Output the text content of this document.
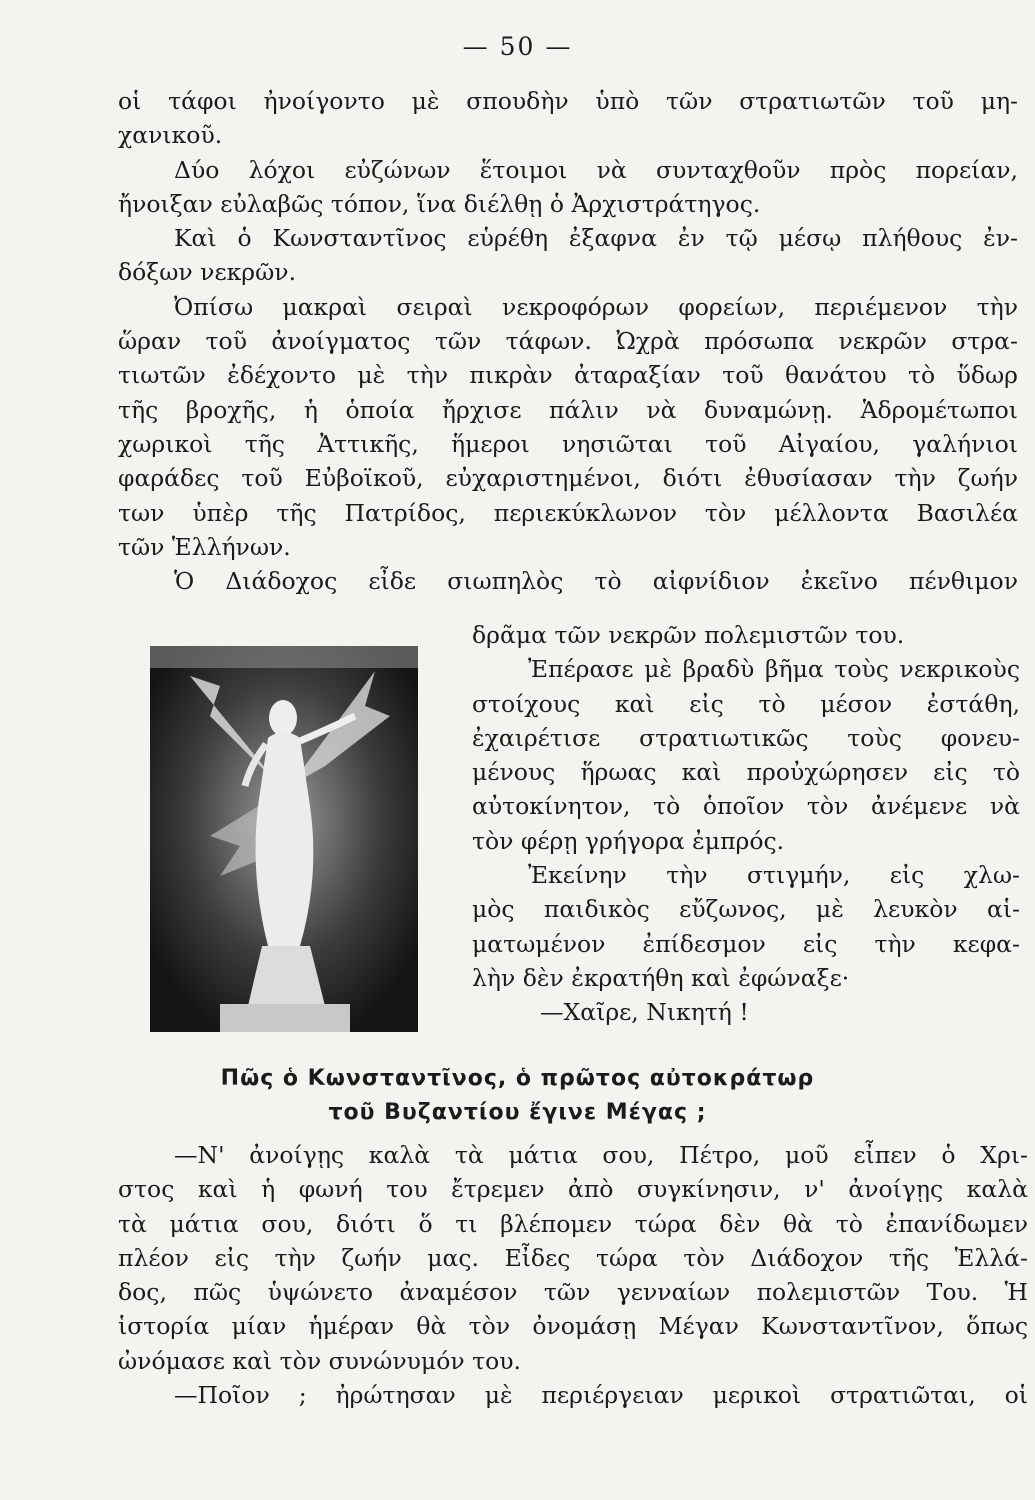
— 50 —
οἱ τάφοι ἠνοίγοντο μὲ σπουδὴν ὑπὸ τῶν στρατιωτῶν τοῦ μη-
χανικοῦ.
Δύο λόχοι εὐζώνων ἕτοιμοι νὰ συνταχθοῦν πρὸς πορείαν,
ἤνοιξαν εὐλαβῶς τόπον, ἵνα διέλθῃ ὁ Ἀρχιστράτηγος.
Καὶ ὁ Κωνσταντῖνος εὑρέθη ἐξαφνα ἐν τῷ μέσῳ πλήθους ἐν-
δόξων νεκρῶν.
Ὀπίσω μακραὶ σειραὶ νεκροφόρων φορείων, περιέμενον τὴν
ὥραν τοῦ ἀνοίγματος τῶν τάφων. Ὠχρὰ πρόσωπα νεκρῶν στρα-
τιωτῶν ἐδέχοντο μὲ τὴν πικρὰν ἀταραξίαν τοῦ θανάτου τὸ ὕδωρ
τῆς βροχῆς, ἡ ὁποία ἤρχισε πάλιν νὰ δυναμώνῃ. Ἁδρομέτωποι
χωρικοὶ τῆς Ἀττικῆς, ἥμεροι νησιῶται τοῦ Αἰγαίου, γαλήνιοι
φαράδες τοῦ Εὐβοϊκοῦ, εὐχαριστημένοι, διότι ἐθυσίασαν τὴν ζωήν
των ὑπὲρ τῆς Πατρίδος, περιεκύκλωνον τὸν μέλλοντα Βασιλέα
τῶν Ἑλλήνων.
Ὁ Διάδοχος εἶδε σιωπηλὸς τὸ αἰφνίδιον ἐκεῖνο πένθιμον
δρᾶμα τῶν νεκρῶν πολεμιστῶν του.
Ἐπέρασε μὲ βραδὺ βῆμα τοὺς νεκρικοὺς
στοίχους καὶ εἰς τὸ μέσον ἐστάθη,
ἐχαιρέτισε στρατιωτικῶς τοὺς φονευ-
μένους ἥρωας καὶ προὐχώρησεν εἰς τὸ
αὐτοκίνητον, τὸ ὁποῖον τὸν ἀνέμενε νὰ
τὸν φέρῃ γρήγορα ἐμπρός.
Ἐκείνην τὴν στιγμήν, εἰς χλω-
μὸς παιδικὸς εὔζωνος, μὲ λευκὸν αἱ-
ματωμένον ἐπίδεσμον εἰς τὴν κεφα-
λὴν δὲν ἐκρατήθη καὶ ἐφώναξε·
—Χαῖρε, Νικητή !
Πῶς ὁ Κωνσταντῖνος, ὁ πρῶτος αὐτοκράτωρ
τοῦ Βυζαντίου ἔγινε Μέγας ;
—Ν' ἀνοίγῃς καλὰ τὰ μάτια σου, Πέτρο, μοῦ εἶπεν ὁ Χρι-
στος καὶ ἡ φωνή του ἔτρεμεν ἀπὸ συγκίνησιν, ν' ἀνοίγῃς καλὰ
τὰ μάτια σου, διότι ὅ τι βλέπομεν τώρα δὲν θὰ τὸ ἐπανίδωμεν
πλέον εἰς τὴν ζωήν μας. Εἶδες τώρα τὸν Διάδοχον τῆς Ἑλλά-
δος, πῶς ὑψώνετο ἀναμέσον τῶν γενναίων πολεμιστῶν Του. Ἡ
ἱστορία μίαν ἡμέραν θὰ τὸν ὀνομάσῃ Μέγαν Κωνσταντῖνον, ὅπως
ὠνόμασε καὶ τὸν συνώνυμόν του.
—Ποῖον ; ἠρώτησαν μὲ περιέργειαν μερικοὶ στρατιῶται, οἱ
